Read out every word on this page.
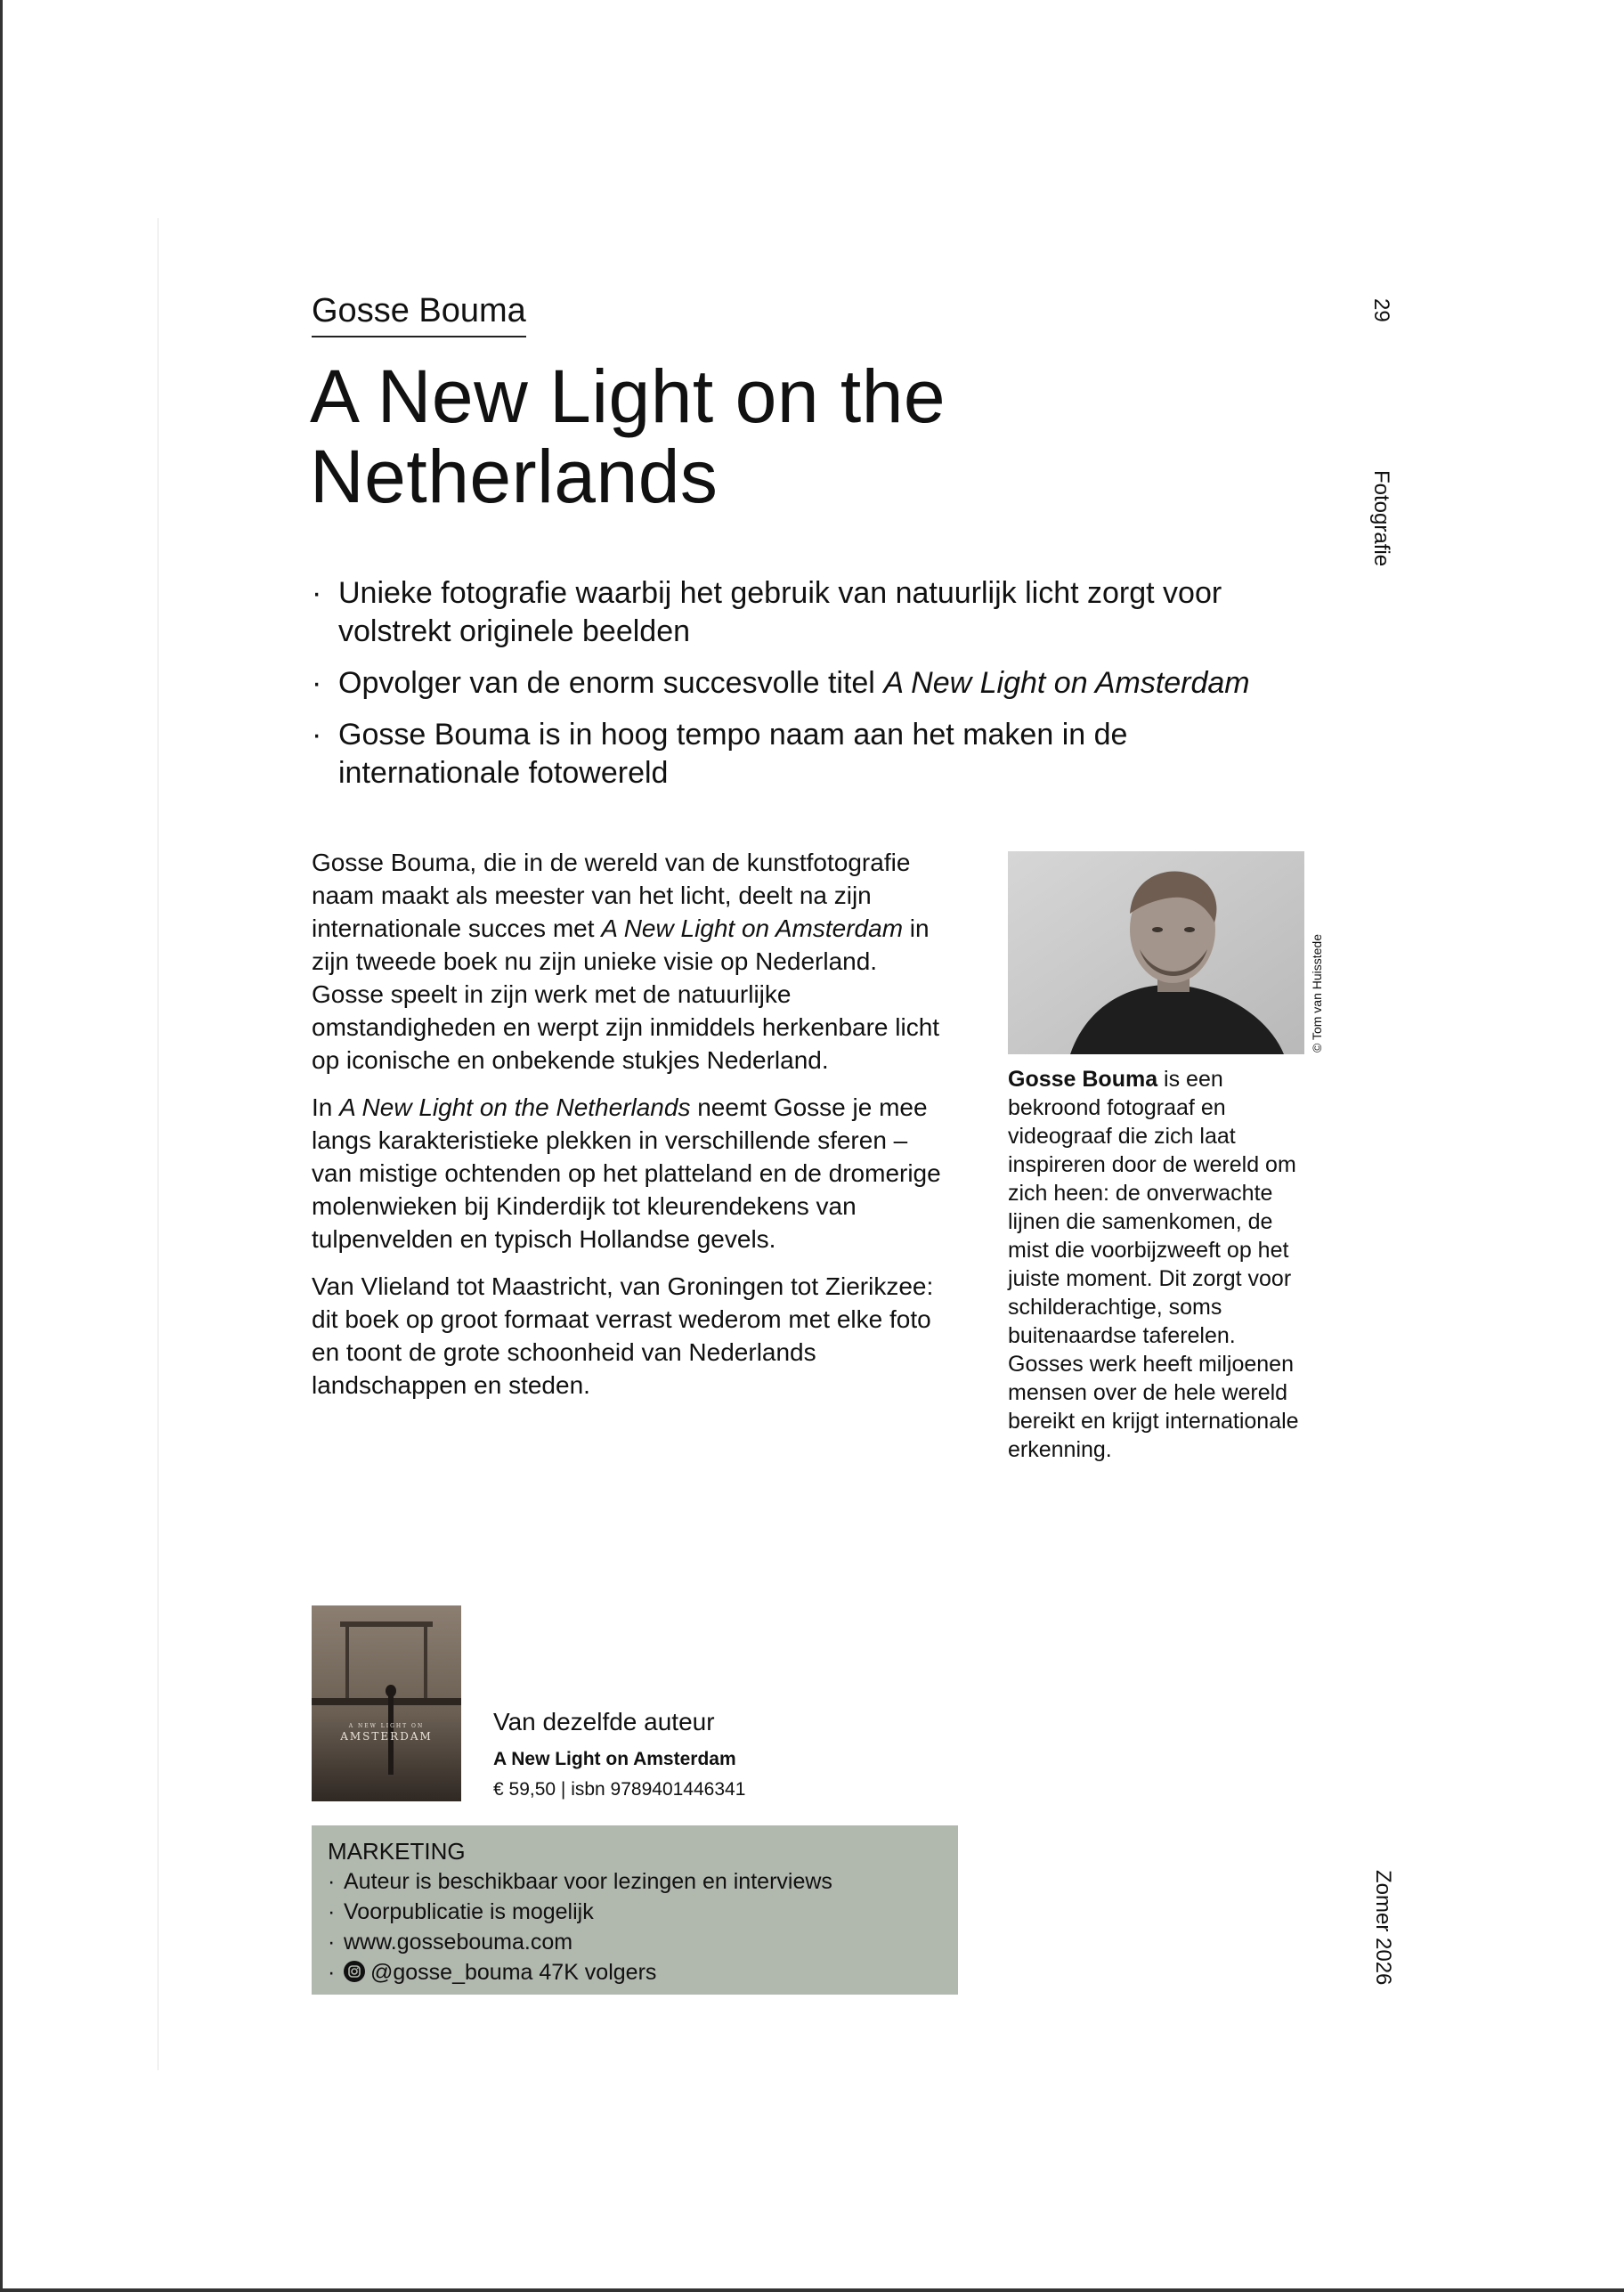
Gosse Bouma
A New Light on the Netherlands
29
Fotografie
Zomer 2026
· Unieke fotografie waarbij het gebruik van natuurlijk licht zorgt voor volstrekt originele beelden
· Opvolger van de enorm succesvolle titel A New Light on Amsterdam
· Gosse Bouma is in hoog tempo naam aan het maken in de internationale fotowereld

Gosse Bouma, die in de wereld van de kunstfotografie naam maakt als meester van het licht, deelt na zijn internationale succes met A New Light on Amsterdam in zijn tweede boek nu zijn unieke visie op Nederland. Gosse speelt in zijn werk met de natuurlijke omstandigheden en werpt zijn inmiddels herkenbare licht op iconische en onbekende stukjes Nederland.

In A New Light on the Netherlands neemt Gosse je mee langs karakteristieke plekken in verschillende sferen – van mistige ochtenden op het platteland en de dromerige molenwieken bij Kinderdijk tot kleurendekens van tulpenvelden en typisch Hollandse gevels.

Van Vlieland tot Maastricht, van Groningen tot Zierikzee: dit boek op groot formaat verrast wederom met elke foto en toont de grote schoonheid van Nederlands landschappen en steden.

© Tom van Huisstede
Gosse Bouma is een bekroond fotograaf en videograaf die zich laat inspireren door de wereld om zich heen: de onverwachte lijnen die samenkomen, de mist die voorbijzweeft op het juiste moment. Dit zorgt voor schilderachtige, soms buitenaardse taferelen. Gosses werk heeft miljoenen mensen over de hele wereld bereikt en krijgt internationale erkenning.
A NEW LIGHT ON
AMSTERDAM
Van dezelfde auteur
A New Light on Amsterdam
€ 59,50 | isbn 9789401446341
MARKETING
· Auteur is beschikbaar voor lezingen en interviews
· Voorpublicatie is mogelijk
· www.gossebouma.com
· @gosse_bouma 47K volgers
